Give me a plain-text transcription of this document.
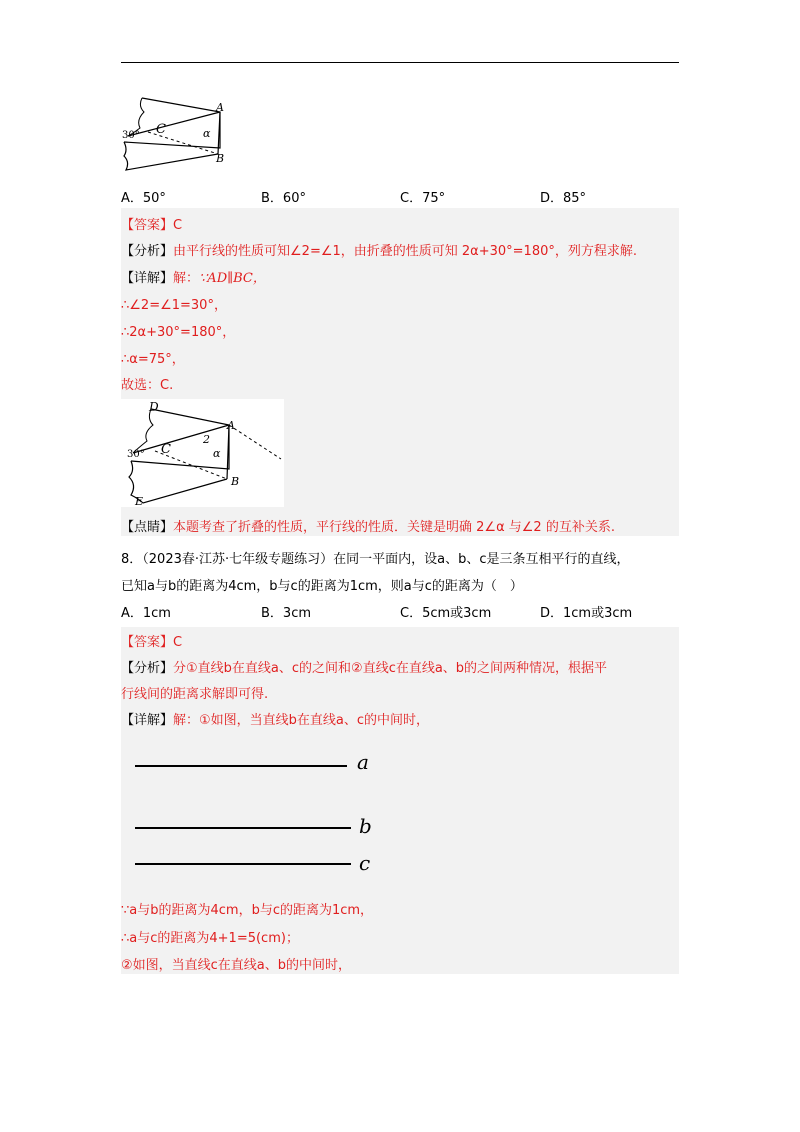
A
C	α
B
30°
A．50°	B．60°	C．75°	D．85°
【答案】C
【分析】由平行线的性质可知∠2=∠1，由折叠的性质可知 2α+30°=180°，列方程求解.
【详解】解：∵AD∥BC，
∴∠2=∠1=30°，
∴2α+30°=180°，
∴α=75°，
故选：C.
D
A
C
2
α
30°
B
E
【点睛】本题考查了折叠的性质，平行线的性质．关键是明确 2∠α 与∠2 的互补关系.
8．（2023春·江苏·七年级专题练习）在同一平面内，设a、b、c是三条互相平行的直线，
已知a与b的距离为4cm，b与c的距离为1cm，则a与c的距离为（　）
A．1cm	B．3cm	C．5cm或3cm	D．1cm或3cm
【答案】C
【分析】分①直线b在直线a、c的之间和②直线c在直线a、b的之间两种情况，根据平
行线间的距离求解即可得.
【详解】解：①如图，当直线b在直线a、c的中间时，
a
b
c
∵a与b的距离为4cm，b与c的距离为1cm，
∴a与c的距离为4+1=5(cm)；
②如图，当直线c在直线a、b的中间时，
